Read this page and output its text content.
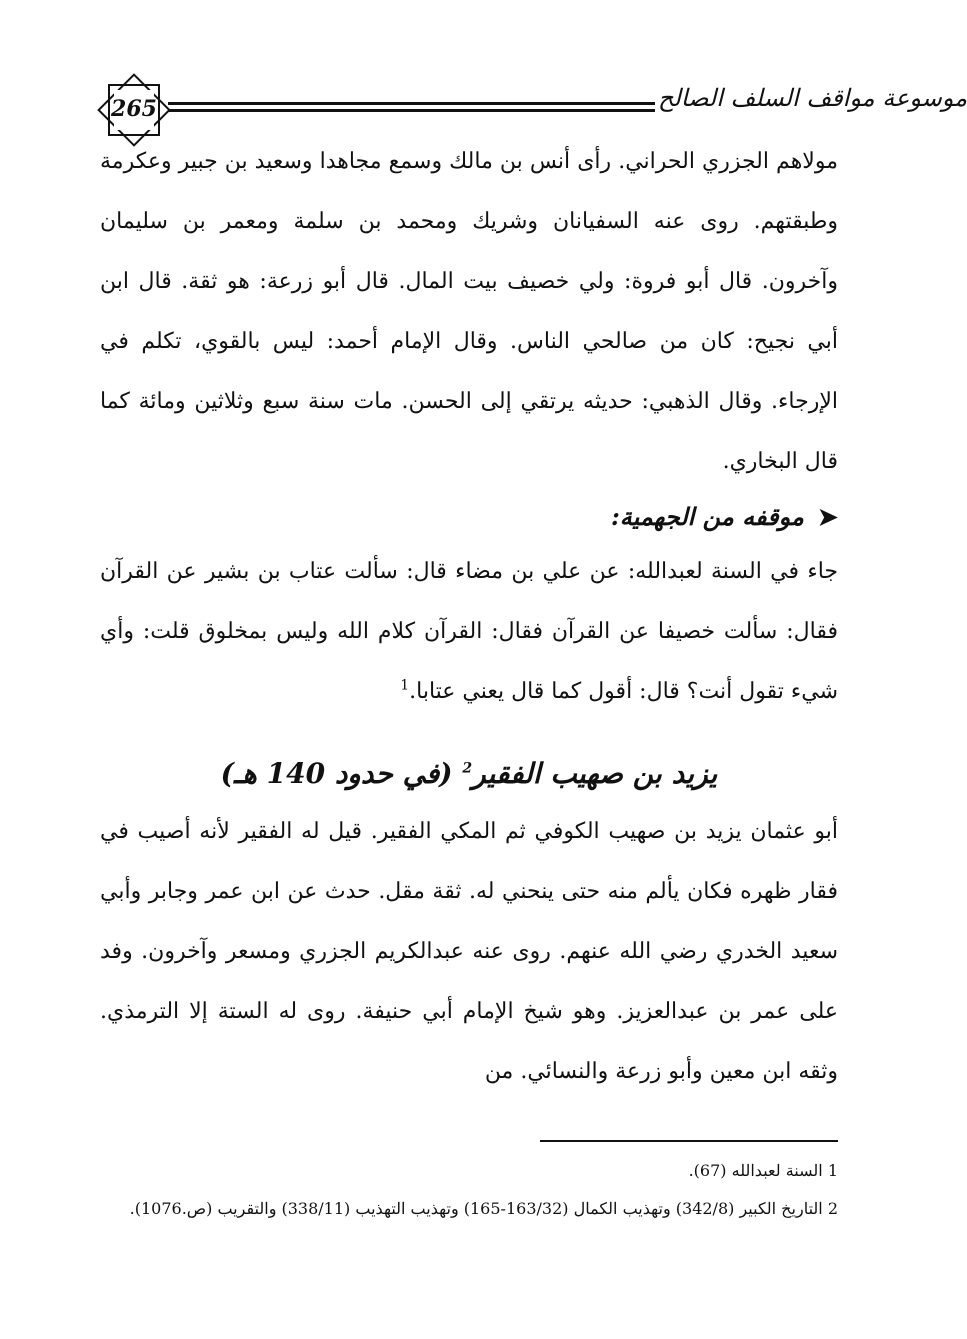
265	موسوعة مواقف السلف الصالح

مولاهم الجزري الحراني. رأى أنس بن مالك وسمع مجاهدا وسعيد بن جبير وعكرمة وطبقتهم. روى عنه السفيانان وشريك ومحمد بن سلمة ومعمر بن سليمان وآخرون. قال أبو فروة: ولي خصيف بيت المال. قال أبو زرعة: هو ثقة. قال ابن أبي نجيح: كان من صالحي الناس. وقال الإمام أحمد: ليس بالقوي، تكلم في الإرجاء. وقال الذهبي: حديثه يرتقي إلى الحسن. مات سنة سبع وثلاثين ومائة كما قال البخاري.

➤موقفه من الجهمية:

جاء في السنة لعبدالله: عن علي بن مضاء قال: سألت عتاب بن بشير عن القرآن فقال: سألت خصيفا عن القرآن فقال: القرآن كلام الله وليس بمخلوق قلت: وأي شيء تقول أنت؟ قال: أقول كما قال يعني عتابا.$^1$

يزيد بن صهيب الفقير$^2$ (في حدود 140 هـ)

أبو عثمان يزيد بن صهيب الكوفي ثم المكي الفقير. قيل له الفقير لأنه أصيب في فقار ظهره فكان يألم منه حتى ينحني له. ثقة مقل. حدث عن ابن عمر وجابر وأبي سعيد الخدري رضي الله عنهم. روى عنه عبدالكريم الجزري ومسعر وآخرون. وفد على عمر بن عبدالعزيز. وهو شيخ الإمام أبي حنيفة. روى له الستة إلا الترمذي. وثقه ابن معين وأبو زرعة والنسائي. من

1 السنة لعبدالله (67).

2 التاريخ الكبير (342/8) وتهذيب الكمال (163/32-165) وتهذيب التهذيب (338/11) والتقريب (ص.1076).
